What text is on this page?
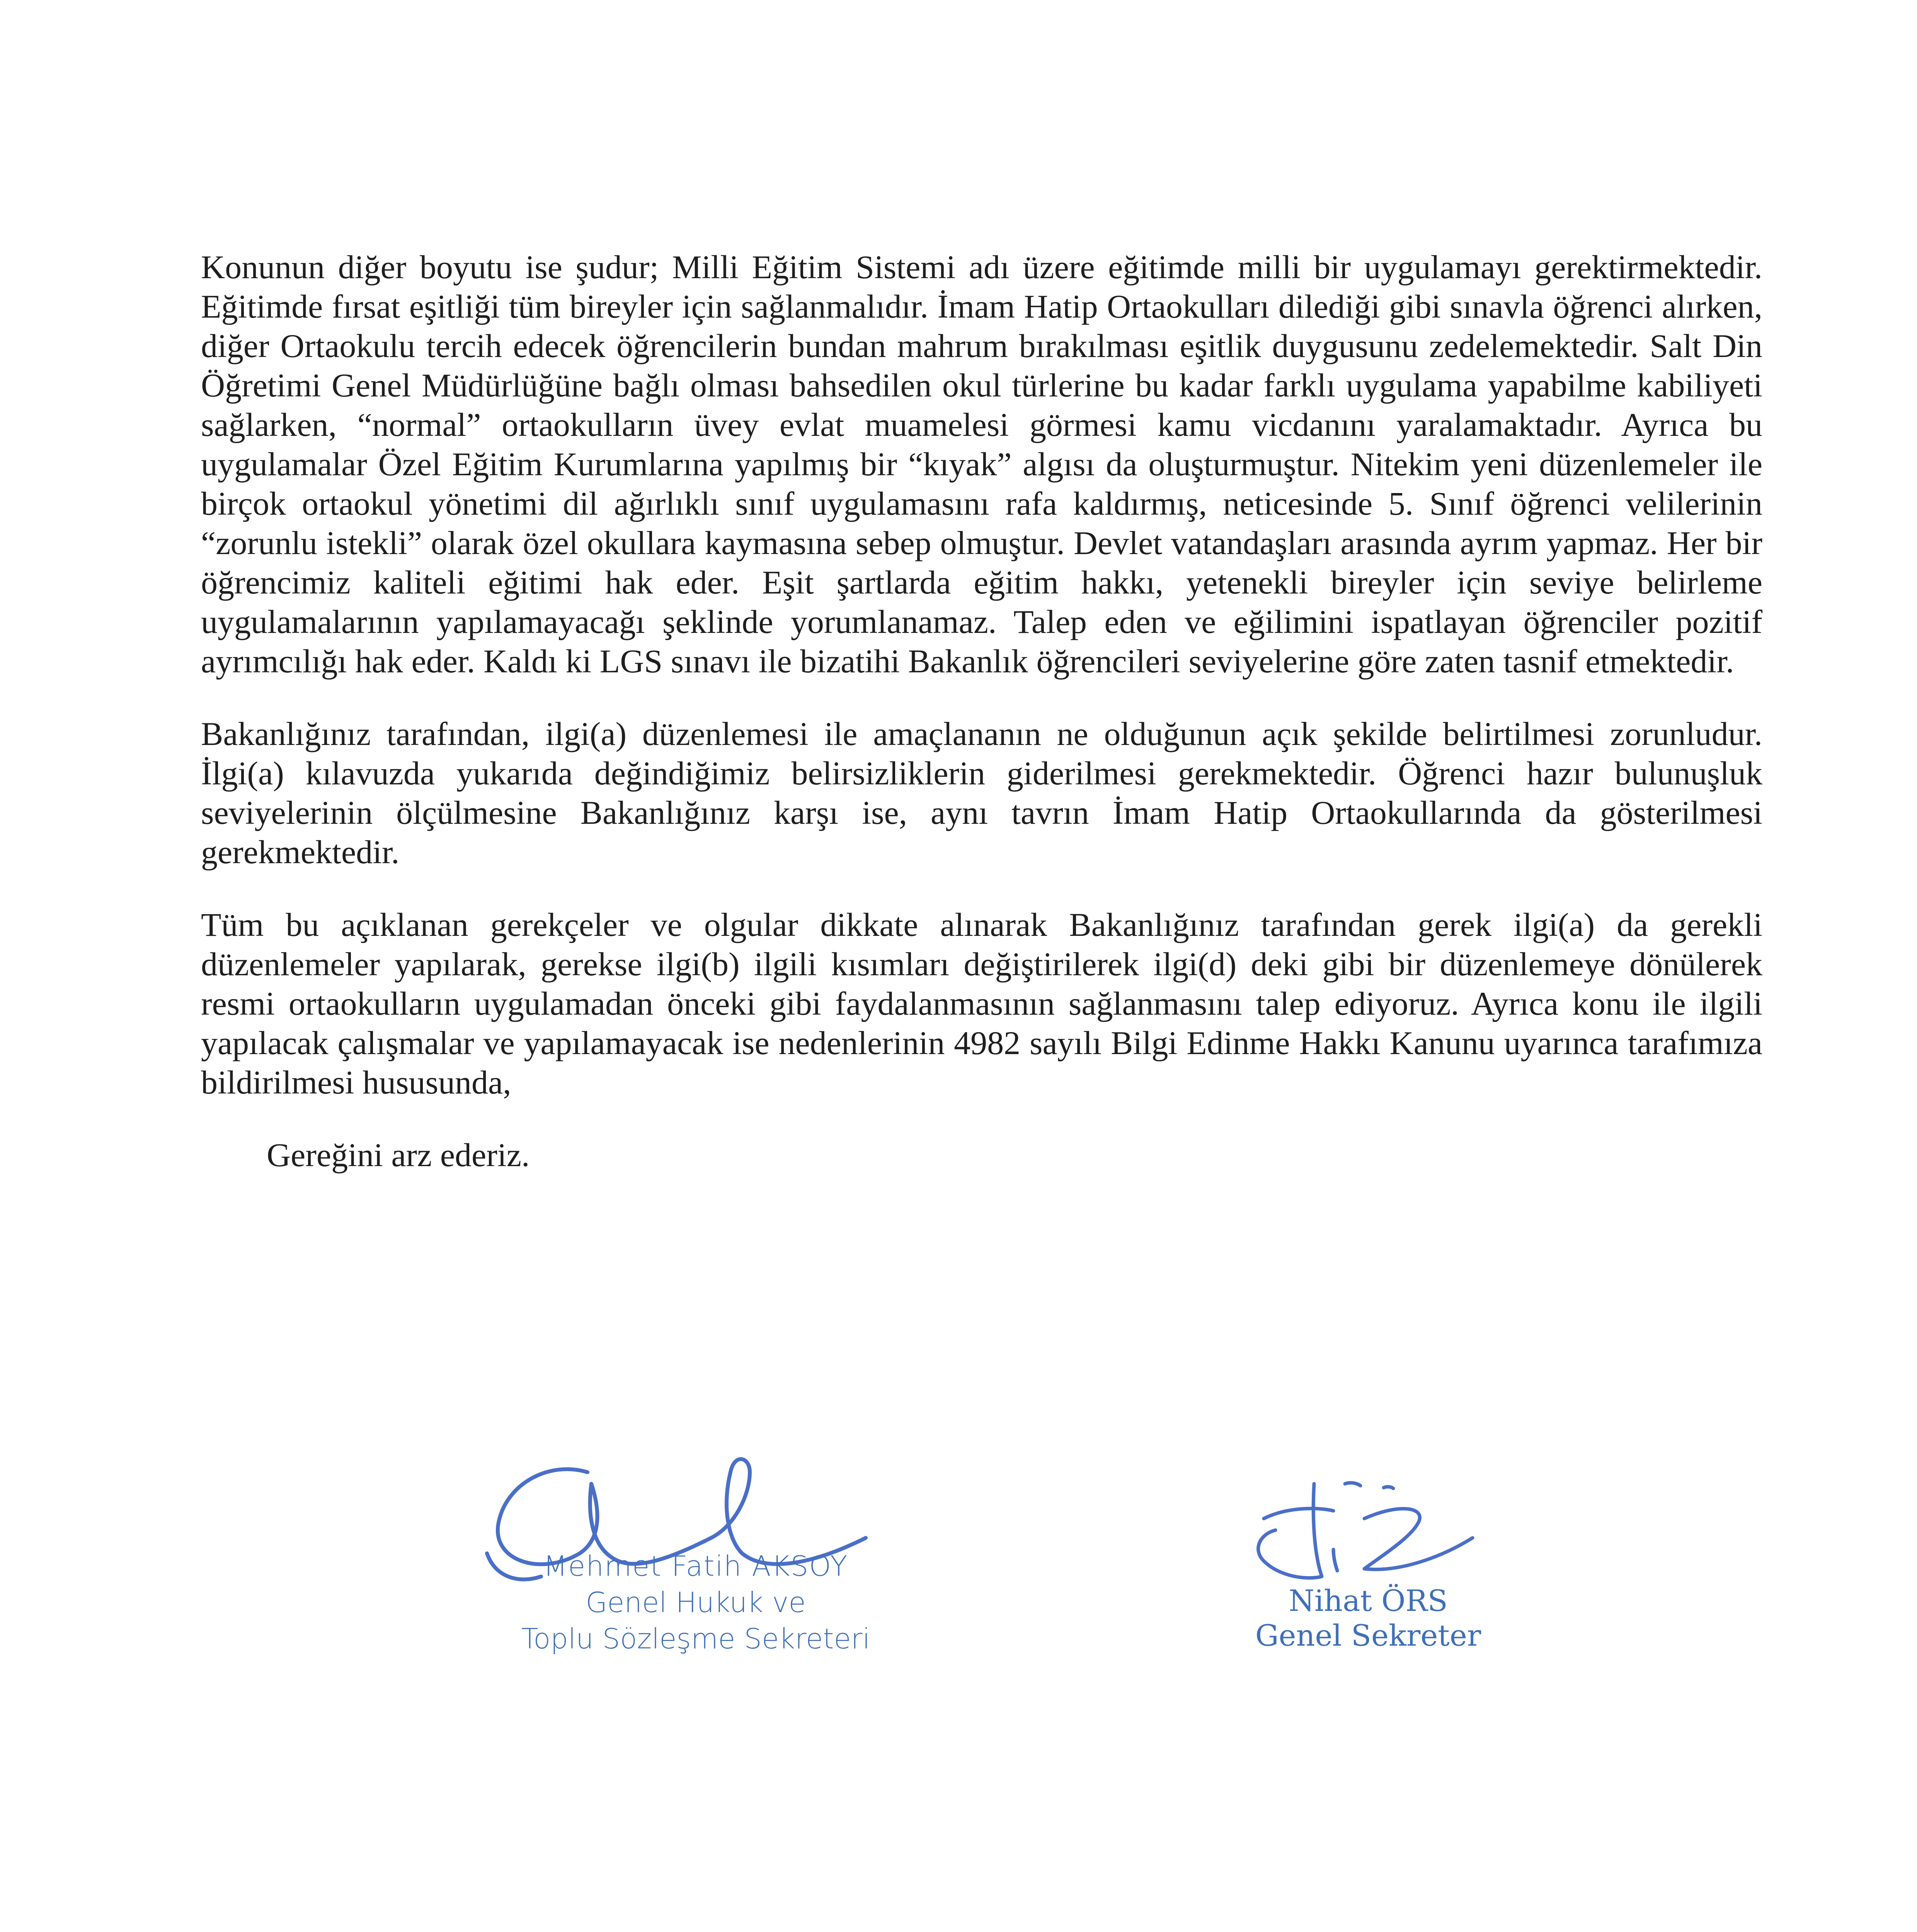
Konunun diğer boyutu ise şudur; Milli Eğitim Sistemi adı üzere eğitimde milli bir uygulamayı gerektirmektedir. Eğitimde fırsat eşitliği tüm bireyler için sağlanmalıdır. İmam Hatip Ortaokulları dilediği gibi sınavla öğrenci alırken, diğer Ortaokulu tercih edecek öğrencilerin bundan mahrum bırakılması eşitlik duygusunu zedelemektedir. Salt Din Öğretimi Genel Müdürlüğüne bağlı olması bahsedilen okul türlerine bu kadar farklı uygulama yapabilme kabiliyeti sağlarken, “normal” ortaokulların üvey evlat muamelesi görmesi kamu vicdanını yaralamaktadır. Ayrıca bu uygulamalar Özel Eğitim Kurumlarına yapılmış bir “kıyak” algısı da oluşturmuştur. Nitekim yeni düzenlemeler ile birçok ortaokul yönetimi dil ağırlıklı sınıf uygulamasını rafa kaldırmış, neticesinde 5. Sınıf öğrenci velilerinin “zorunlu istekli” olarak özel okullara kaymasına sebep olmuştur. Devlet vatandaşları arasında ayrım yapmaz. Her bir öğrencimiz kaliteli eğitimi hak eder. Eşit şartlarda eğitim hakkı, yetenekli bireyler için seviye belirleme uygulamalarının yapılamayacağı şeklinde yorumlanamaz. Talep eden ve eğilimini ispatlayan öğrenciler pozitif ayrımcılığı hak eder. Kaldı ki LGS sınavı ile bizatihi Bakanlık öğrencileri seviyelerine göre zaten tasnif etmektedir.

Bakanlığınız tarafından, ilgi(a) düzenlemesi ile amaçlananın ne olduğunun açık şekilde belirtilmesi zorunludur. İlgi(a) kılavuzda yukarıda değindiğimiz belirsizliklerin giderilmesi gerekmektedir. Öğrenci hazır bulunuşluk seviyelerinin ölçülmesine Bakanlığınız karşı ise, aynı tavrın İmam Hatip Ortaokullarında da gösterilmesi gerekmektedir.

Tüm bu açıklanan gerekçeler ve olgular dikkate alınarak Bakanlığınız tarafından gerek ilgi(a) da gerekli düzenlemeler yapılarak, gerekse ilgi(b) ilgili kısımları değiştirilerek ilgi(d) deki gibi bir düzenlemeye dönülerek resmi ortaokulların uygulamadan önceki gibi faydalanmasının sağlanmasını talep ediyoruz. Ayrıca konu ile ilgili yapılacak çalışmalar ve yapılamayacak ise nedenlerinin 4982 sayılı Bilgi Edinme Hakkı Kanunu uyarınca tarafımıza bildirilmesi hususunda,

Gereğini arz ederiz.

Mehmet Fatih AKSOY
Genel Hukuk ve
Toplu Sözleşme Sekreteri
Nihat ÖRS
Genel Sekreter
